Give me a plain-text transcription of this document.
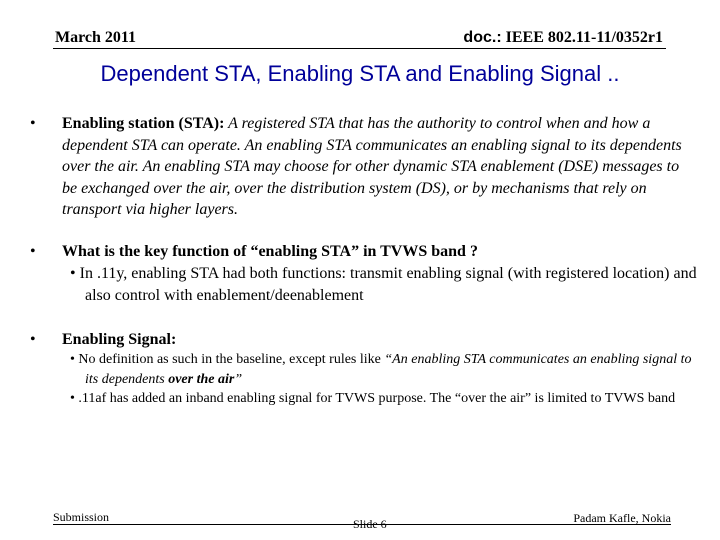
March 2011	doc.: IEEE 802.11-11/0352r1
Dependent STA, Enabling STA and Enabling Signal ..
• Enabling station (STA): A registered STA that has the authority to control when and how a dependent STA can operate. An enabling STA communicates an enabling signal to its dependents over the air. An enabling STA may choose for other dynamic STA enablement (DSE) messages to be exchanged over the air, over the distribution system (DS), or by mechanisms that rely on transport via higher layers.
• What is the key function of “enabling STA” in TVWS band ?
• In .11y, enabling STA had both functions: transmit enabling signal (with registered location) and also control with enablement/deenablement
• Enabling Signal:
• No definition as such in the baseline, except rules like “An enabling STA communicates an enabling signal to its dependents over the air”
• .11af has added an inband enabling signal for TVWS purpose. The “over the air” is limited to TVWS band
Submission	Slide 6	Padam Kafle, Nokia
